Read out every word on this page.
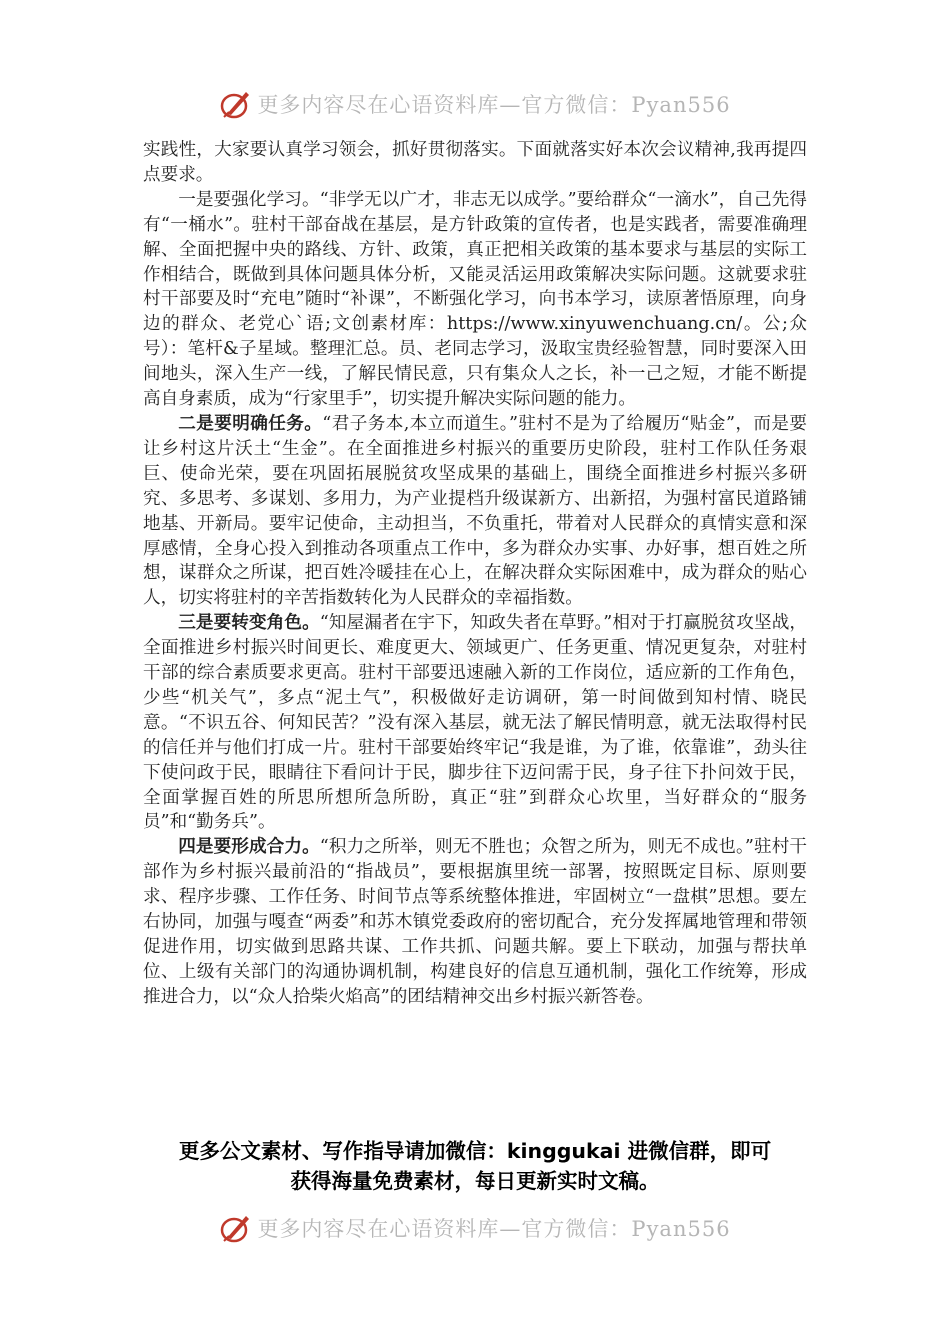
更多内容尽在心语资料库—官方微信：Pyan556

实践性，大家要认真学习领会，抓好贯彻落实。下面就落实好本次会议精神,我再提四点要求。

一是要强化学习。“非学无以广才，非志无以成学。”要给群众“一滴水”，自己先得有“一桶水”。驻村干部奋战在基层，是方针政策的宣传者，也是实践者，需要准确理解、全面把握中央的路线、方针、政策，真正把相关政策的基本要求与基层的实际工作相结合，既做到具体问题具体分析，又能灵活运用政策解决实际问题。这就要求驻村干部要及时“充电”随时“补课”，不断强化学习，向书本学习，读原著悟原理，向身边的群众、老党心`语;文创素材库：https://www.xinyuwenchuang.cn/。公;众号）：笔杆&子星域。整理汇总。员、老同志学习，汲取宝贵经验智慧，同时要深入田间地头，深入生产一线，了解民情民意，只有集众人之长，补一己之短，才能不断提高自身素质，成为“行家里手”，切实提升解决实际问题的能力。

二是要明确任务。“君子务本,本立而道生。”驻村不是为了给履历“贴金”，而是要让乡村这片沃土“生金”。在全面推进乡村振兴的重要历史阶段，驻村工作队任务艰巨、使命光荣，要在巩固拓展脱贫攻坚成果的基础上，围绕全面推进乡村振兴多研究、多思考、多谋划、多用力，为产业提档升级谋新方、出新招，为强村富民道路铺地基、开新局。要牢记使命，主动担当，不负重托，带着对人民群众的真情实意和深厚感情，全身心投入到推动各项重点工作中，多为群众办实事、办好事，想百姓之所想，谋群众之所谋，把百姓冷暖挂在心上，在解决群众实际困难中，成为群众的贴心人，切实将驻村的辛苦指数转化为人民群众的幸福指数。

三是要转变角色。“知屋漏者在宇下，知政失者在草野。”相对于打赢脱贫攻坚战，全面推进乡村振兴时间更长、难度更大、领域更广、任务更重、情况更复杂，对驻村干部的综合素质要求更高。驻村干部要迅速融入新的工作岗位，适应新的工作角色，少些“机关气”，多点“泥土气”，积极做好走访调研，第一时间做到知村情、晓民意。“不识五谷、何知民苦？”没有深入基层，就无法了解民情明意，就无法取得村民的信任并与他们打成一片。驻村干部要始终牢记“我是谁，为了谁，依靠谁”，劲头往下使问政于民，眼睛往下看问计于民，脚步往下迈问需于民，身子往下扑问效于民，全面掌握百姓的所思所想所急所盼，真正“驻”到群众心坎里，当好群众的“服务员”和“勤务兵”。

四是要形成合力。“积力之所举，则无不胜也；众智之所为，则无不成也。”驻村干部作为乡村振兴最前沿的“指战员”，要根据旗里统一部署，按照既定目标、原则要求、程序步骤、工作任务、时间节点等系统整体推进，牢固树立“一盘棋”思想。要左右协同，加强与嘎查“两委”和苏木镇党委政府的密切配合，充分发挥属地管理和带领促进作用，切实做到思路共谋、工作共抓、问题共解。要上下联动，加强与帮扶单位、上级有关部门的沟通协调机制，构建良好的信息互通机制，强化工作统筹，形成推进合力，以“众人拾柴火焰高”的团结精神交出乡村振兴新答卷。

更多公文素材、写作指导请加微信：kinggukai 进微信群，即可
获得海量免费素材，每日更新实时文稿。
更多内容尽在心语资料库—官方微信：Pyan556
